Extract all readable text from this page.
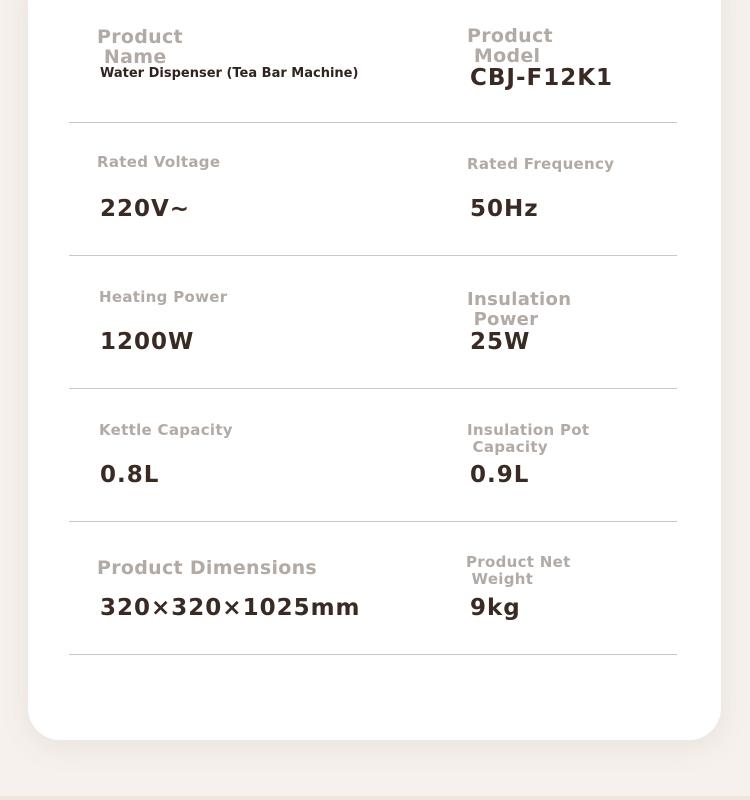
Product
Name
Water Dispenser (Tea Bar Machine)
Product
Model
CBJ-F12K1
Rated Voltage
220V~
Rated Frequency
50Hz
Heating Power
1200W
Insulation
Power
25W
Kettle Capacity
0.8L
Insulation Pot
Capacity
0.9L
Product Dimensions
320×320×1025mm
Product Net
Weight
9kg
